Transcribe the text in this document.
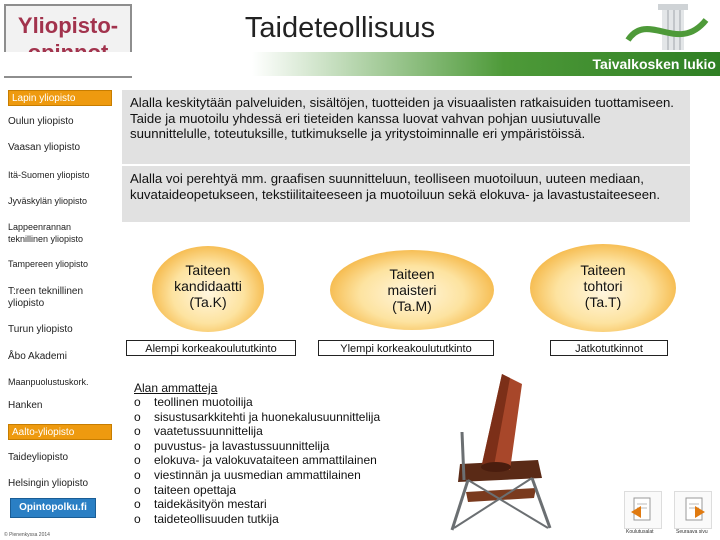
Yliopisto-
Taivalkosken lukio
Taideteollisuus
Lapin yliopisto
Oulun yliopisto
Vaasan yliopisto
Itä-Suomen yliopisto
Jyväskylän yliopisto
Lappeenrannan teknillinen yliopisto
Tampereen yliopisto
T:reen teknillinen yliopisto
Turun yliopisto
Åbo Akademi
Maanpuolustuskork.
Hanken
Aalto-yliopisto
Taideyliopisto
Helsingin yliopisto
Opintopolku.fi
© Pienenkyssa 2014
Alalla keskitytään palveluiden, sisältöjen, tuotteiden ja visuaalisten ratkaisuiden tuottamiseen. Taide ja muotoilu yhdessä eri tieteiden kanssa luovat vahvan pohjan uusiutuvalle suunnittelulle, toteutuksille, tutkimukselle ja yritystoiminnalle eri ympäristöissä.
Alalla voi perehtyä mm. graafisen suunnitteluun, teolliseen muotoiluun, uuteen mediaan, kuvataideopetukseen, tekstiilitaiteeseen ja muotoiluun sekä elokuva- ja lavastustaiteeseen.
Taiteen
kandidaatti
(Ta.K)
Taiteen
maisteri
(Ta.M)
Taiteen
tohtori
(Ta.T)
Alempi korkeakoulututkinto	Ylempi korkeakoulututkinto	Jatkotutkinnot
Alan ammatteja
o teollinen muotoilija
o sisustusarkkitehti ja huonekalusuunnittelija
o vaatetussuunnittelija
o puvustus- ja lavastussuunnittelija
o elokuva- ja valokuvataiteen ammattilainen
o viestinnän ja uusmedian ammattilainen
o taiteen opettaja
o taidekäsityön mestari
o taideteollisuuden tutkija
Koulutusalat	Seuraava sivu
